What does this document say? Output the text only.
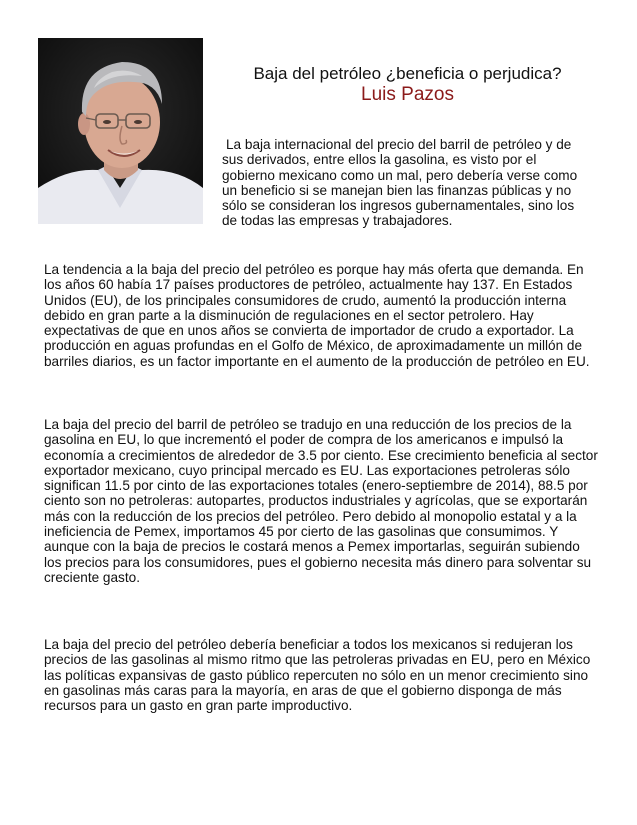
Baja del petróleo ¿beneficia o perjudica?

Luis Pazos

La baja internacional del precio del barril de petróleo y de sus derivados, entre ellos la gasolina, es visto por el gobierno mexicano como un mal, pero debería verse como un beneficio si se manejan bien las finanzas públicas y no sólo se consideran los ingresos gubernamentales, sino los de todas las empresas y trabajadores.

La tendencia a la baja del precio del petróleo es porque hay más oferta que demanda. En los años 60 había 17 países productores de petróleo, actualmente hay 137. En Estados Unidos (EU), de los principales consumidores de crudo, aumentó la producción interna debido en gran parte a la disminución de regulaciones en el sector petrolero. Hay expectativas de que en unos años se convierta de importador de crudo a exportador. La producción en aguas profundas en el Golfo de México, de aproximadamente un millón de barriles diarios, es un factor importante en el aumento de la producción de petróleo en EU.

La baja del precio del barril de petróleo se tradujo en una reducción de los precios de la gasolina en EU, lo que incrementó el poder de compra de los americanos e impulsó la economía a crecimientos de alrededor de 3.5 por ciento. Ese crecimiento beneficia al sector exportador mexicano, cuyo principal mercado es EU. Las exportaciones petroleras sólo significan 11.5 por cinto de las exportaciones totales (enero-septiembre de 2014), 88.5 por ciento son no petroleras: autopartes, productos industriales y agrícolas, que se exportarán más con la reducción de los precios del petróleo. Pero debido al monopolio estatal y a la ineficiencia de Pemex, importamos 45 por cierto de las gasolinas que consumimos. Y aunque con la baja de precios le costará menos a Pemex importarlas, seguirán subiendo los precios para los consumidores, pues el gobierno necesita más dinero para solventar su creciente gasto.

La baja del precio del petróleo debería beneficiar a todos los mexicanos si redujeran los precios de las gasolinas al mismo ritmo que las petroleras privadas en EU, pero en México las políticas expansivas de gasto público repercuten no sólo en un menor crecimiento sino en gasolinas más caras para la mayoría, en aras de que el gobierno disponga de más recursos para un gasto en gran parte improductivo.
